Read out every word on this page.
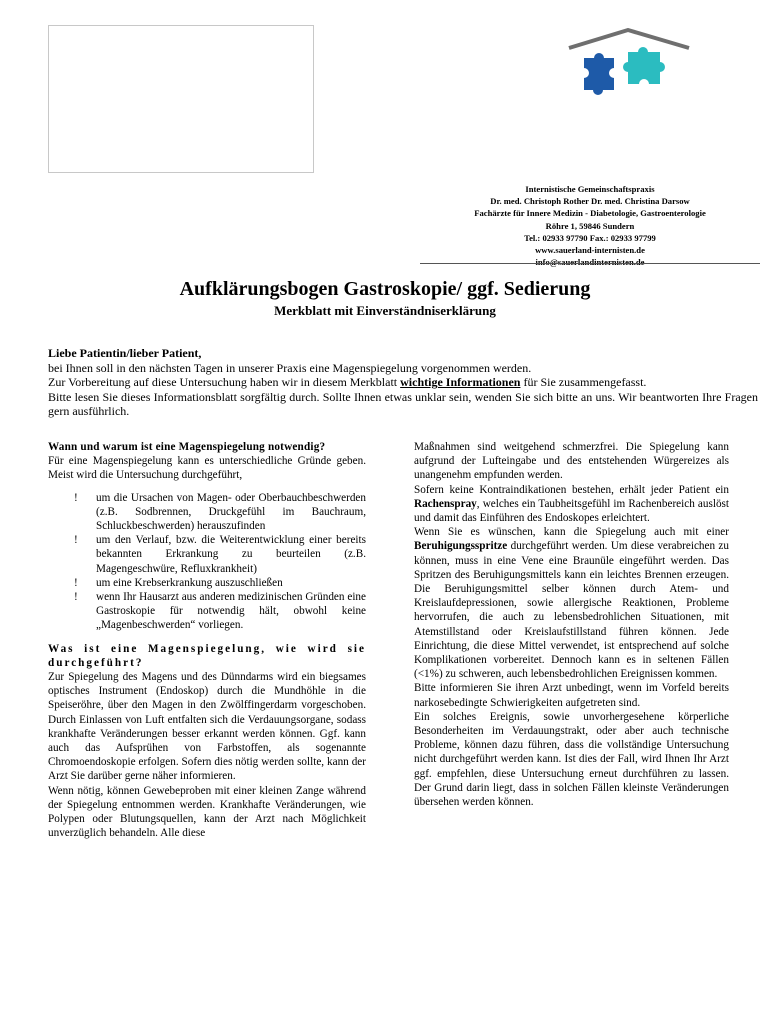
Internistische Gemeinschaftspraxis
Dr. med. Christoph Rother Dr. med. Christina Darsow
Fachärzte für Innere Medizin - Diabetologie, Gastroenterologie
Röhre 1, 59846 Sundern
Tel.: 02933 97790 Fax.: 02933 97799
www.sauerland-internisten.de
info@sauerlandinternisten.de
Aufklärungsbogen Gastroskopie/ ggf. Sedierung
Merkblatt mit Einverständniserklärung

Liebe Patientin/lieber Patient,

bei Ihnen soll in den nächsten Tagen in unserer Praxis eine Magenspiegelung vorgenommen werden.

Zur Vorbereitung auf diese Untersuchung haben wir in diesem Merkblatt wichtige Informationen für Sie zusammengefasst.

Bitte lesen Sie dieses Informationsblatt sorgfältig durch. Sollte Ihnen etwas unklar sein, wenden Sie sich bitte an uns. Wir beantworten Ihre Fragen gern ausführlich.

Wann und warum ist eine Magenspiegelung notwendig?

Für eine Magenspiegelung kann es unterschiedliche Gründe geben. Meist wird die Untersuchung durchgeführt,

! um die Ursachen von Magen- oder Oberbauchbeschwerden (z.B. Sodbrennen, Druckgefühl im Bauchraum, Schluckbeschwerden) herauszufinden
! um den Verlauf, bzw. die Weiterentwicklung einer bereits bekannten Erkrankung zu beurteilen (z.B. Magengeschwüre, Refluxkrankheit)
! um eine Krebserkrankung auszuschließen
! wenn Ihr Hausarzt aus anderen medizinischen Gründen eine Gastroskopie für notwendig hält, obwohl keine „Magenbeschwerden“ vorliegen.
Was ist eine Magenspiegelung, wie wird sie durchgeführt?

Zur Spiegelung des Magens und des Dünndarms wird ein biegsames optisches Instrument (Endoskop) durch die Mundhöhle in die Speiseröhre, über den Magen in den Zwölffingerdarm vorgeschoben. Durch Einlassen von Luft entfalten sich die Verdauungsorgane, sodass krankhafte Veränderungen besser erkannt werden können. Ggf. kann auch das Aufsprühen von Farbstoffen, als sogenannte Chromoendoskopie erfolgen. Sofern dies nötig werden sollte, kann der Arzt Sie darüber gerne näher informieren.

Wenn nötig, können Gewebeproben mit einer kleinen Zange während der Spiegelung entnommen werden. Krankhafte Veränderungen, wie Polypen oder Blutungsquellen, kann der Arzt nach Möglichkeit unverzüglich behandeln. Alle diese

Maßnahmen sind weitgehend schmerzfrei. Die Spiegelung kann aufgrund der Lufteingabe und des entstehenden Würgereizes als unangenehm empfunden werden.

Sofern keine Kontraindikationen bestehen, erhält jeder Patient ein Rachenspray, welches ein Taubheitsgefühl im Rachenbereich auslöst und damit das Einführen des Endoskopes erleichtert.

Wenn Sie es wünschen, kann die Spiegelung auch mit einer Beruhigungsspritze durchgeführt werden. Um diese verabreichen zu können, muss in eine Vene eine Braunüle eingeführt werden. Das Spritzen des Beruhigungsmittels kann ein leichtes Brennen erzeugen. Die Beruhigungsmittel selber können durch Atem- und Kreislaufdepressionen, sowie allergische Reaktionen, Probleme hervorrufen, die auch zu lebensbedrohlichen Situationen, mit Atemstillstand oder Kreislaufstillstand führen können. Jede Einrichtung, die diese Mittel verwendet, ist entsprechend auf solche Komplikationen vorbereitet. Dennoch kann es in seltenen Fällen (<1%) zu schweren, auch lebensbedrohlichen Ereignissen kommen.

Bitte informieren Sie ihren Arzt unbedingt, wenn im Vorfeld bereits narkosebedingte Schwierigkeiten aufgetreten sind.

Ein solches Ereignis, sowie unvorhergesehene körperliche Besonderheiten im Verdauungstrakt, oder aber auch technische Probleme, können dazu führen, dass die vollständige Untersuchung nicht durchgeführt werden kann. Ist dies der Fall, wird Ihnen Ihr Arzt ggf. empfehlen, diese Untersuchung erneut durchführen zu lassen. Der Grund darin liegt, dass in solchen Fällen kleinste Veränderungen übersehen werden können.
